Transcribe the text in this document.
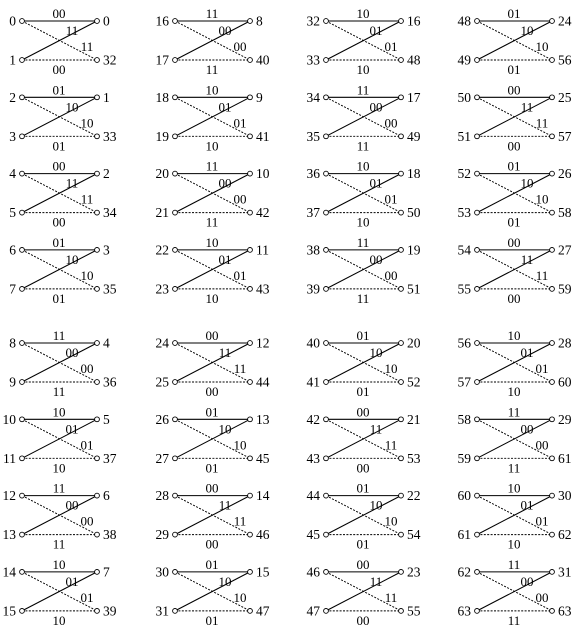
0
1
0
32
00
11
11
00
2
3
1
33
01
10
10
01
4
5
2
34
00
11
11
00
6
7
3
35
01
10
10
01
8
9
4
36
11
00
00
11
10
11
5
37
10
01
01
10
12
13
6
38
11
00
00
11
14
15
7
39
10
01
01
10
16
17
8
40
11
00
00
11
18
19
9
41
10
01
01
10
20
21
10
42
11
00
00
11
22
23
11
43
10
01
01
10
24
25
12
44
00
11
11
00
26
27
13
45
01
10
10
01
28
29
14
46
00
11
11
00
30
31
15
47
01
10
10
01
32
33
16
48
10
01
01
10
34
35
17
49
11
00
00
11
36
37
18
50
10
01
01
10
38
39
19
51
11
00
00
11
40
41
20
52
01
10
10
01
42
43
21
53
00
11
11
00
44
45
22
54
01
10
10
01
46
47
23
55
00
11
11
00
48
49
24
56
01
10
10
01
50
51
25
57
00
11
11
00
52
53
26
58
01
10
10
01
54
55
27
59
00
11
11
00
56
57
28
60
10
01
01
10
58
59
29
61
11
00
00
11
60
61
30
62
10
01
01
10
62
63
31
63
11
00
00
11
